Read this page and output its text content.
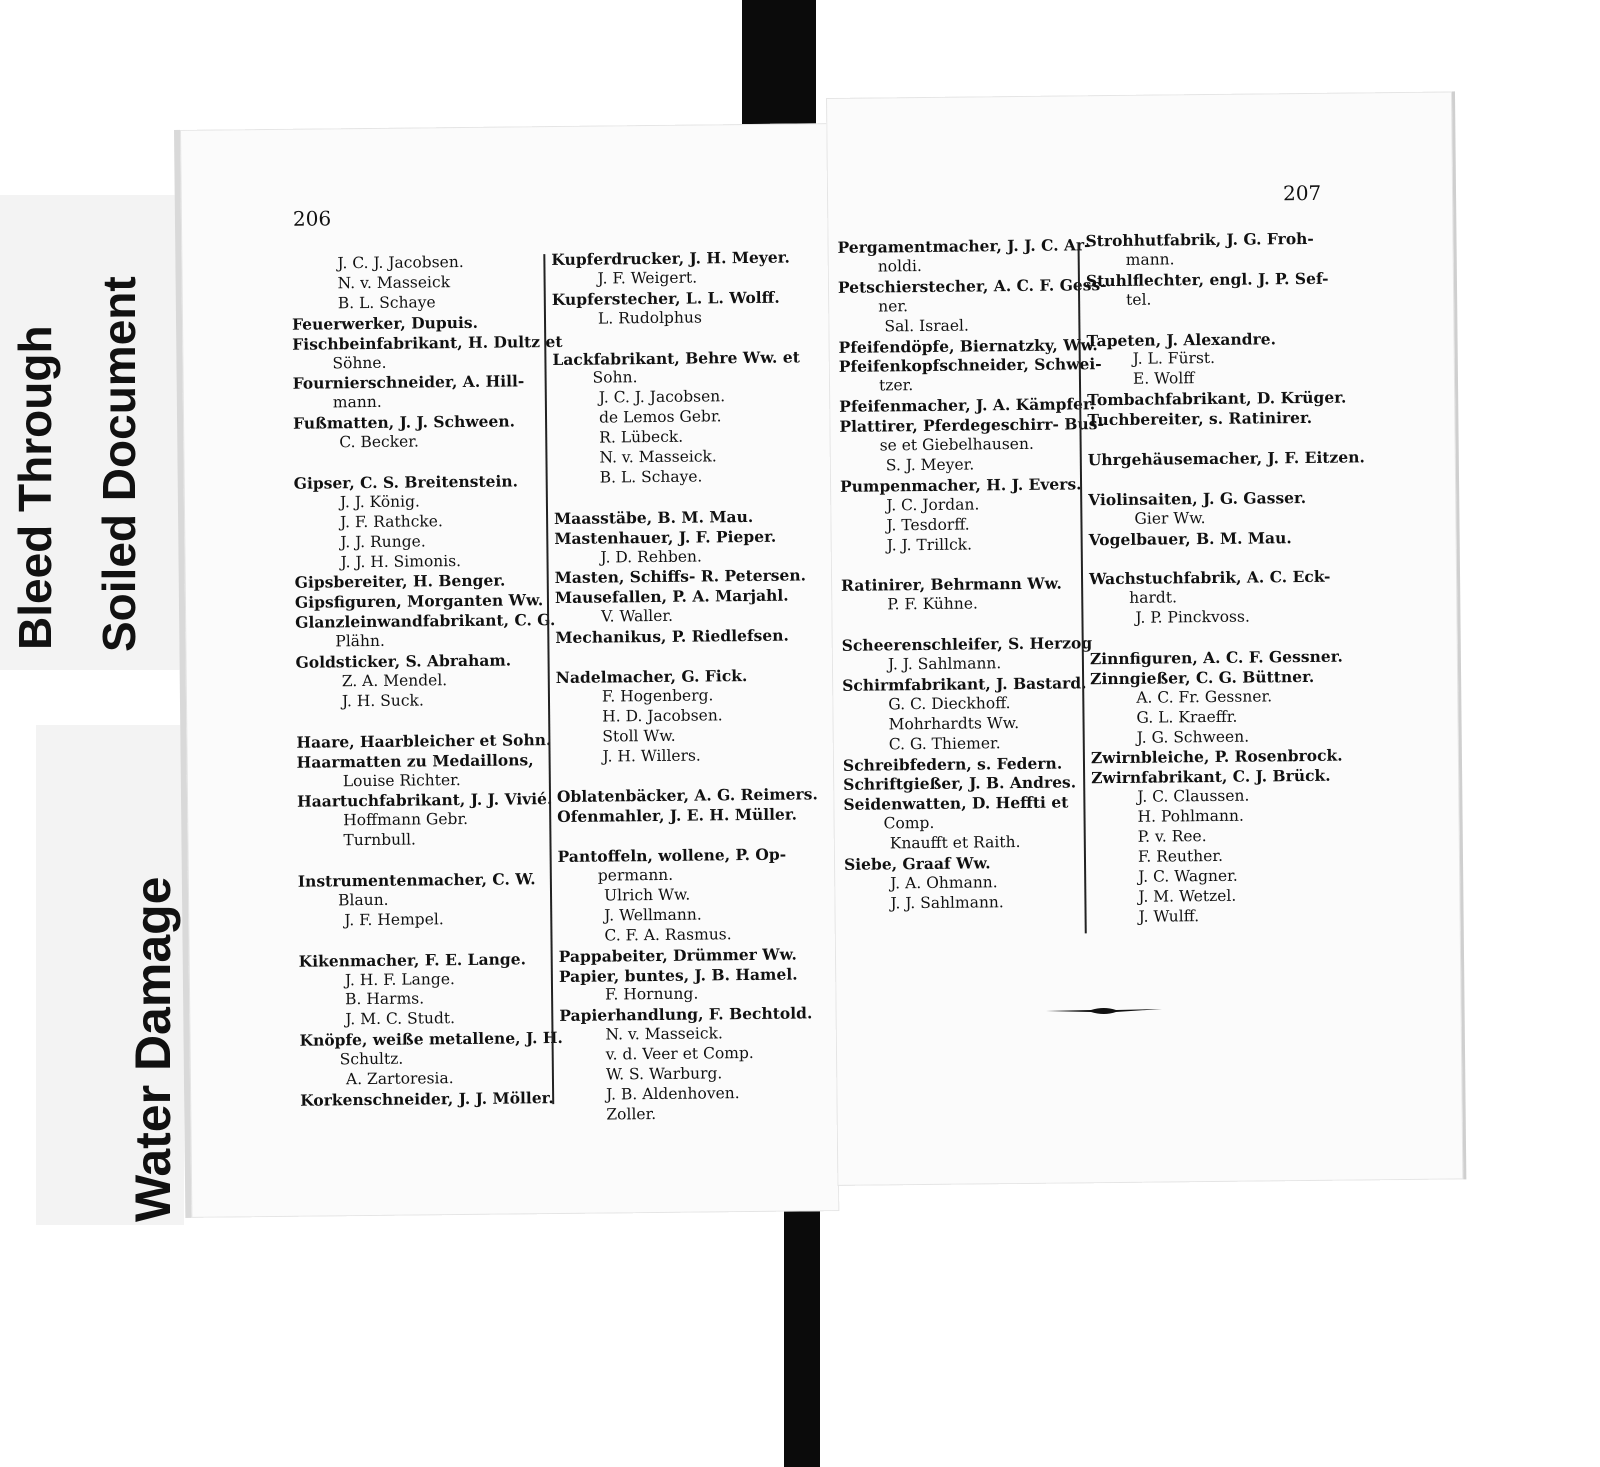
Bleed Through Soiled Document
Water Damage
206
J. C. J. Jacobsen.
N. v. Masseick
B. L. Schaye
Feuerwerker, Dupuis.
Fischbeinfabrikant, H. Dultz et
Söhne.
Fournierschneider, A. Hill-
mann.
Fußmatten, J. J. Schween.
C. Becker.
Gipser, C. S. Breitenstein.
J. J. König.
J. F. Rathcke.
J. J. Runge.
J. J. H. Simonis.
Gipsbereiter, H. Benger.
Gipsfiguren, Morganten Ww.
Glanzleinwandfabrikant, C. G.
Plähn.
Goldsticker, S. Abraham.
Z. A. Mendel.
J. H. Suck.
Haare, Haarbleicher et Sohn.
Haarmatten zu Medaillons,
Louise Richter.
Haartuchfabrikant, J. J. Vivié.
Hoffmann Gebr.
Turnbull.
Instrumentenmacher, C. W.
Blaun.
J. F. Hempel.
Kikenmacher, F. E. Lange.
J. H. F. Lange.
B. Harms.
J. M. C. Studt.
Knöpfe, weiße metallene, J. H.
Schultz.
A. Zartoresia.
Korkenschneider, J. J. Möller.
Kupferdrucker, J. H. Meyer.
J. F. Weigert.
Kupferstecher, L. L. Wolff.
L. Rudolphus
Lackfabrikant, Behre Ww. et
Sohn.
J. C. J. Jacobsen.
de Lemos Gebr.
R. Lübeck.
N. v. Masseick.
B. L. Schaye.
Maasstäbe, B. M. Mau.
Mastenhauer, J. F. Pieper.
J. D. Rehben.
Masten, Schiffs- R. Petersen.
Mausefallen, P. A. Marjahl.
V. Waller.
Mechanikus, P. Riedlefsen.
Nadelmacher, G. Fick.
F. Hogenberg.
H. D. Jacobsen.
Stoll Ww.
J. H. Willers.
Oblatenbäcker, A. G. Reimers.
Ofenmahler, J. E. H. Müller.
Pantoffeln, wollene, P. Op-
permann.
Ulrich Ww.
J. Wellmann.
C. F. A. Rasmus.
Pappabeiter, Drümmer Ww.
Papier, buntes, J. B. Hamel.
F. Hornung.
Papierhandlung, F. Bechtold.
N. v. Masseick.
v. d. Veer et Comp.
W. S. Warburg.
J. B. Aldenhoven.
Zoller.
207
Pergamentmacher, J. J. C. Ar-
noldi.
Petschierstecher, A. C. F. Gess-
ner.
Sal. Israel.
Pfeifendöpfe, Biernatzky, Ww.
Pfeifenkopfschneider, Schwei-
tzer.
Pfeifenmacher, J. A. Kämpfer.
Plattirer, Pferdegeschirr- Bus-
se et Giebelhausen.
S. J. Meyer.
Pumpenmacher, H. J. Evers.
J. C. Jordan.
J. Tesdorff.
J. J. Trillck.
Ratinirer, Behrmann Ww.
P. F. Kühne.
Scheerenschleifer, S. Herzog
J. J. Sahlmann.
Schirmfabrikant, J. Bastard.
G. C. Dieckhoff.
Mohrhardts Ww.
C. G. Thiemer.
Schreibfedern, s. Federn.
Schriftgießer, J. B. Andres.
Seidenwatten, D. Heffti et
Comp.
Knaufft et Raith.
Siebe, Graaf Ww.
J. A. Ohmann.
J. J. Sahlmann.
Strohhutfabrik, J. G. Froh-
mann.
Stuhlflechter, engl. J. P. Sef-
tel.
Tapeten, J. Alexandre.
J. L. Fürst.
E. Wolff
Tombachfabrikant, D. Krüger.
Tuchbereiter, s. Ratinirer.
Uhrgehäusemacher, J. F. Eitzen.
Violinsaiten, J. G. Gasser.
Gier Ww.
Vogelbauer, B. M. Mau.
Wachstuchfabrik, A. C. Eck-
hardt.
J. P. Pinckvoss.
Zinnfiguren, A. C. F. Gessner.
Zinngießer, C. G. Büttner.
A. C. Fr. Gessner.
G. L. Kraeffr.
J. G. Schween.
Zwirnbleiche, P. Rosenbrock.
Zwirnfabrikant, C. J. Brück.
J. C. Claussen.
H. Pohlmann.
P. v. Ree.
F. Reuther.
J. C. Wagner.
J. M. Wetzel.
J. Wulff.
